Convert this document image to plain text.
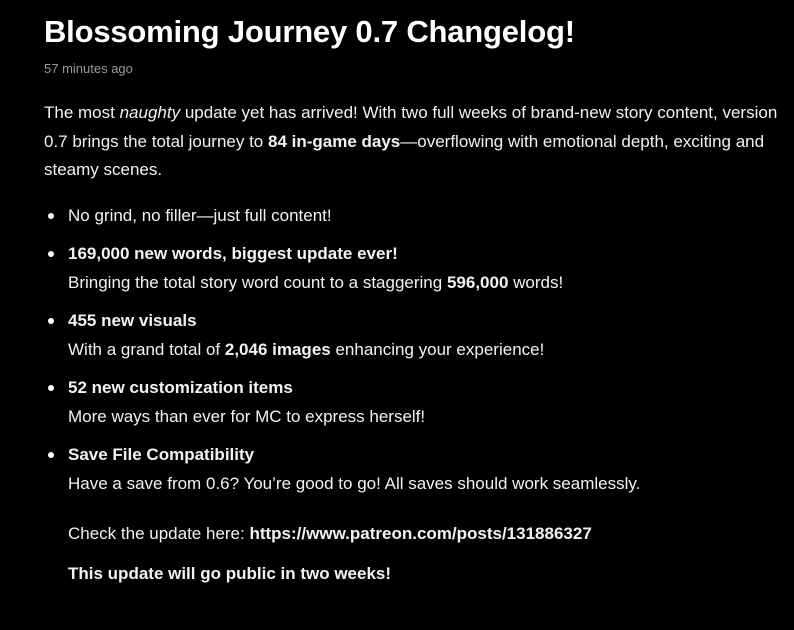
Blossoming Journey 0.7 Changelog!
57 minutes ago

The most naughty update yet has arrived! With two full weeks of brand-new story content, version 0.7 brings the total journey to 84 in-game days—overflowing with emotional depth, exciting and steamy scenes.

No grind, no filler—just full content!
169,000 new words, biggest update ever!
Bringing the total story word count to a staggering 596,000 words!
455 new visuals
With a grand total of 2,046 images enhancing your experience!
52 new customization items
More ways than ever for MC to express herself!
Save File Compatibility
Have a save from 0.6? You’re good to go! All saves should work seamlessly.
Check the update here: https://www.patreon.com/posts/131886327
This update will go public in two weeks!
